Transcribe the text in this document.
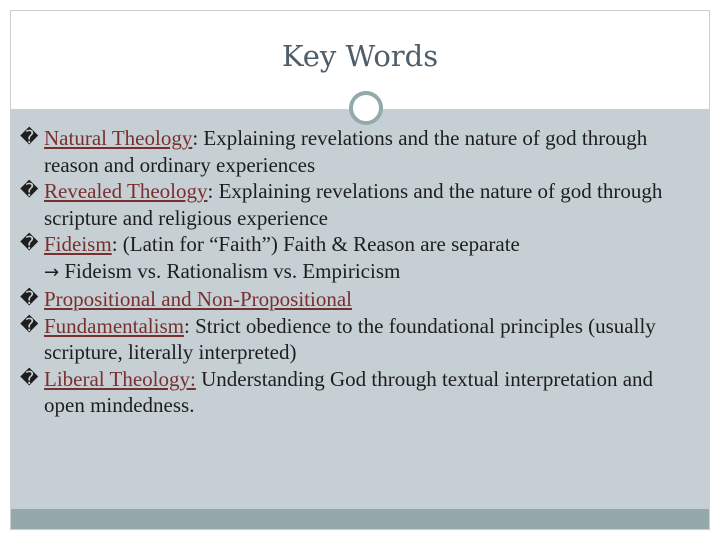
Key Words
� Natural Theology: Explaining revelations and the nature of god through reason and ordinary experiences
� Revealed Theology: Explaining revelations and the nature of god through scripture and religious experience
� Fideism: (Latin for “Faith”) Faith & Reason are separate
→ Fideism vs. Rationalism vs. Empiricism
� Propositional and Non-Propositional
� Fundamentalism: Strict obedience to the foundational principles (usually scripture, literally interpreted)
� Liberal Theology: Understanding God through textual interpretation and open mindedness.
